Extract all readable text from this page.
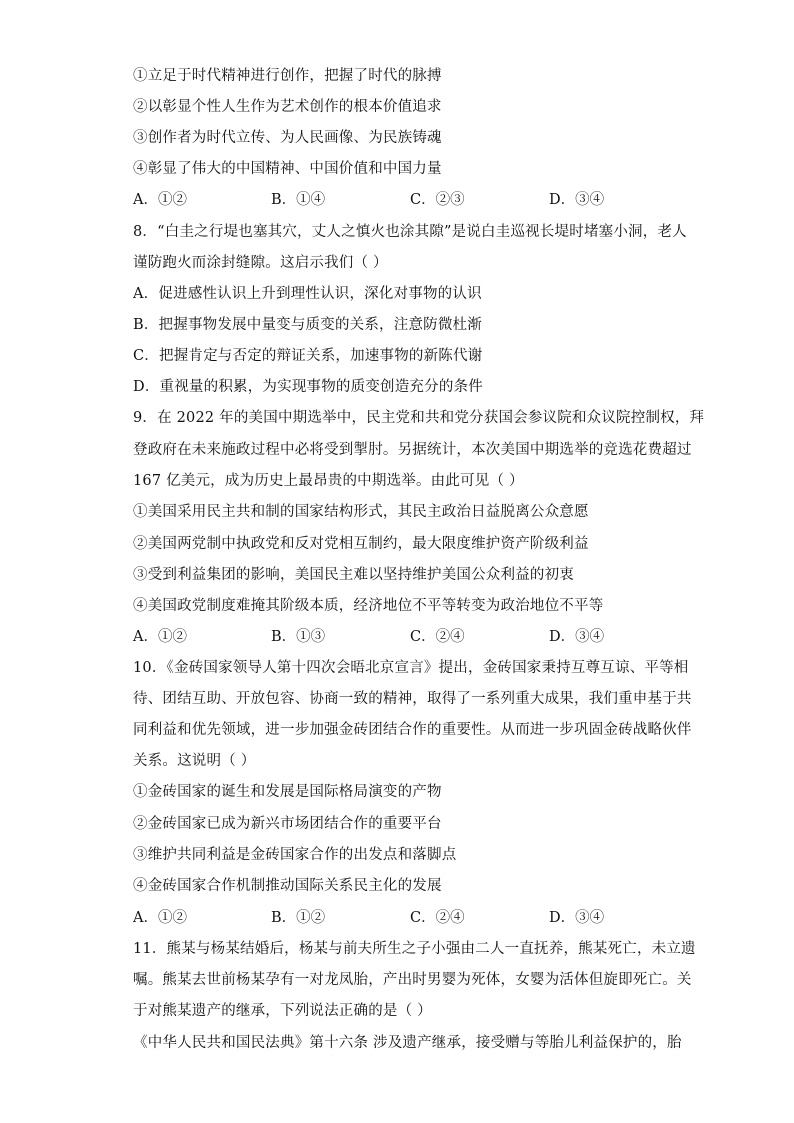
①立足于时代精神进行创作，把握了时代的脉搏
②以彰显个性人生作为艺术创作的根本价值追求
③创作者为时代立传、为人民画像、为民族铸魂
④彰显了伟大的中国精神、中国价值和中国力量
A．①②	B．①④	C．②③	D．③④
8．“白圭之行堤也塞其穴，丈人之慎火也涂其隙”是说白圭巡视长堤时堵塞小洞，老人
谨防跑火而涂封缝隙。这启示我们（ ）
A．促进感性认识上升到理性认识，深化对事物的认识
B．把握事物发展中量变与质变的关系，注意防微杜渐
C．把握肯定与否定的辩证关系，加速事物的新陈代谢
D．重视量的积累，为实现事物的质变创造充分的条件
9．在 2022 年的美国中期选举中，民主党和共和党分获国会参议院和众议院控制权，拜
登政府在未来施政过程中必将受到掣肘。另据统计，本次美国中期选举的竞选花费超过
167 亿美元，成为历史上最昂贵的中期选举。由此可见（ ）
①美国采用民主共和制的国家结构形式，其民主政治日益脱离公众意愿
②美国两党制中执政党和反对党相互制约，最大限度维护资产阶级利益
③受到利益集团的影响，美国民主难以坚持维护美国公众利益的初衷
④美国政党制度难掩其阶级本质，经济地位不平等转变为政治地位不平等
A．①②	B．①③	C．②④	D．③④
10．《金砖国家领导人第十四次会晤北京宣言》提出，金砖国家秉持互尊互谅、平等相
待、团结互助、开放包容、协商一致的精神，取得了一系列重大成果，我们重申基于共
同利益和优先领域，进一步加强金砖团结合作的重要性。从而进一步巩固金砖战略伙伴
关系。这说明（ ）
①金砖国家的诞生和发展是国际格局演变的产物
②金砖国家已成为新兴市场团结合作的重要平台
③维护共同利益是金砖国家合作的出发点和落脚点
④金砖国家合作机制推动国际关系民主化的发展
A．①②	B．①②	C．②④	D．③④
11．熊某与杨某结婚后，杨某与前夫所生之子小强由二人一直抚养，熊某死亡，未立遗
嘱。熊某去世前杨某孕有一对龙凤胎，产出时男婴为死体，女婴为活体但旋即死亡。关
于对熊某遗产的继承，下列说法正确的是（ ）
《中华人民共和国民法典》第十六条 涉及遗产继承，接受赠与等胎儿利益保护的，胎
